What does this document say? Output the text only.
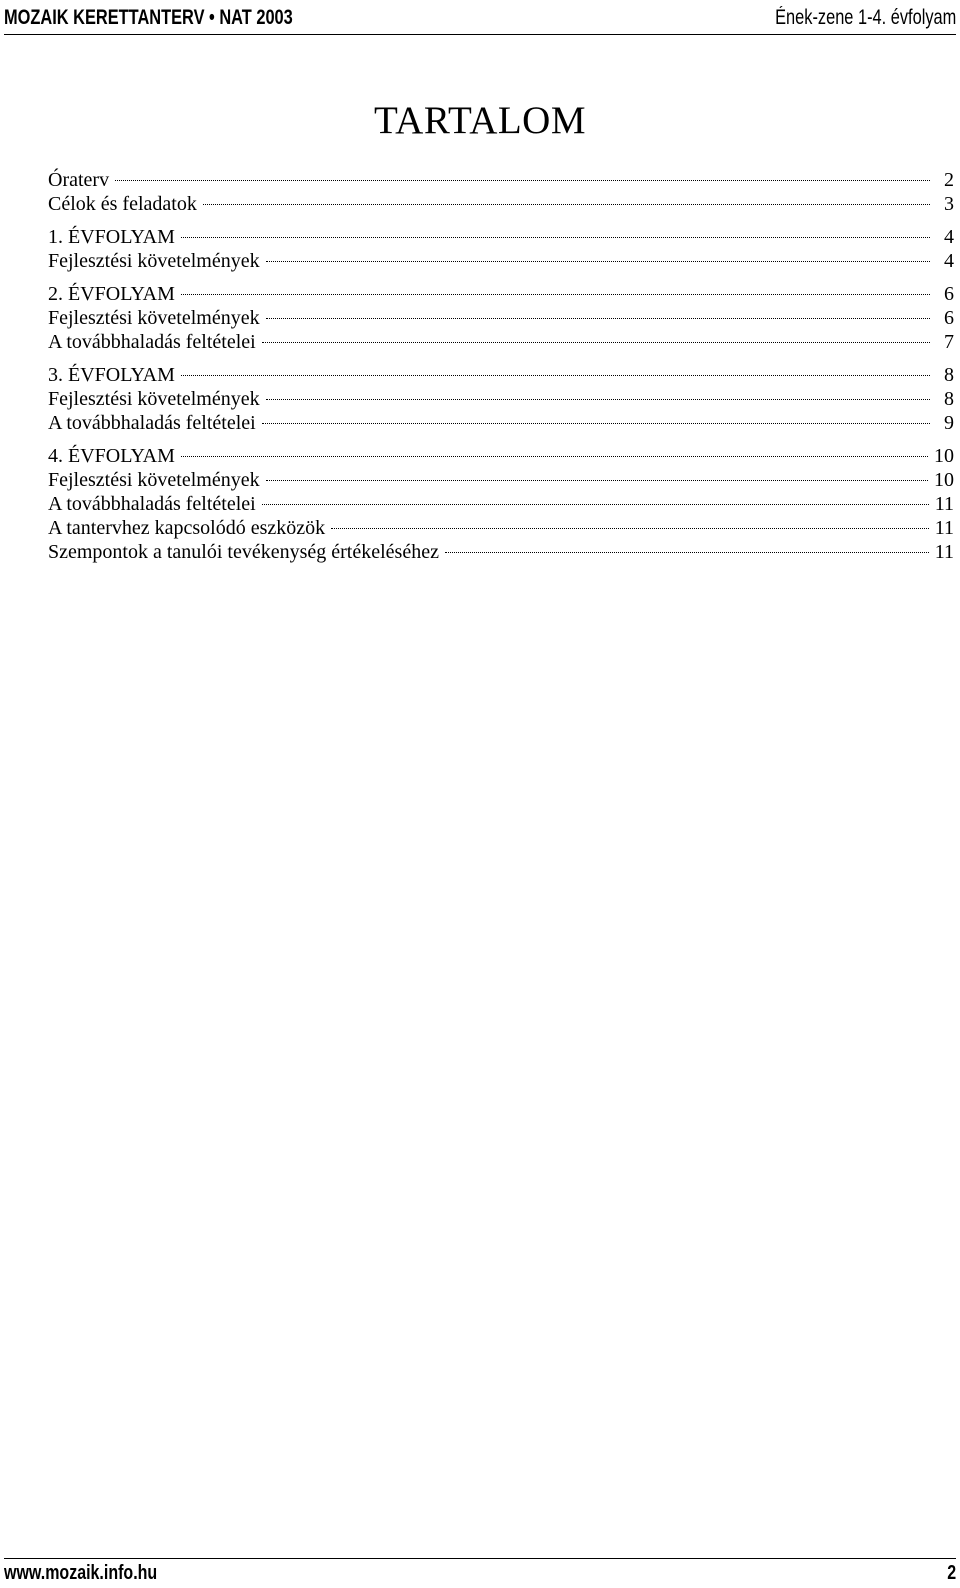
MOZAIK KERETTANTERV • NAT 2003	Ének-zene 1-4. évfolyam
TARTALOM
Óraterv	2
Célok és feladatok	3
1. ÉVFOLYAM	4
Fejlesztési követelmények	4
2. ÉVFOLYAM	6
Fejlesztési követelmények	6
A továbbhaladás feltételei	7
3. ÉVFOLYAM	8
Fejlesztési követelmények	8
A továbbhaladás feltételei	9
4. ÉVFOLYAM	10
Fejlesztési követelmények	10
A továbbhaladás feltételei	11
A tantervhez kapcsolódó eszközök	11
Szempontok a tanulói tevékenység értékeléséhez	11
www.mozaik.info.hu	2
